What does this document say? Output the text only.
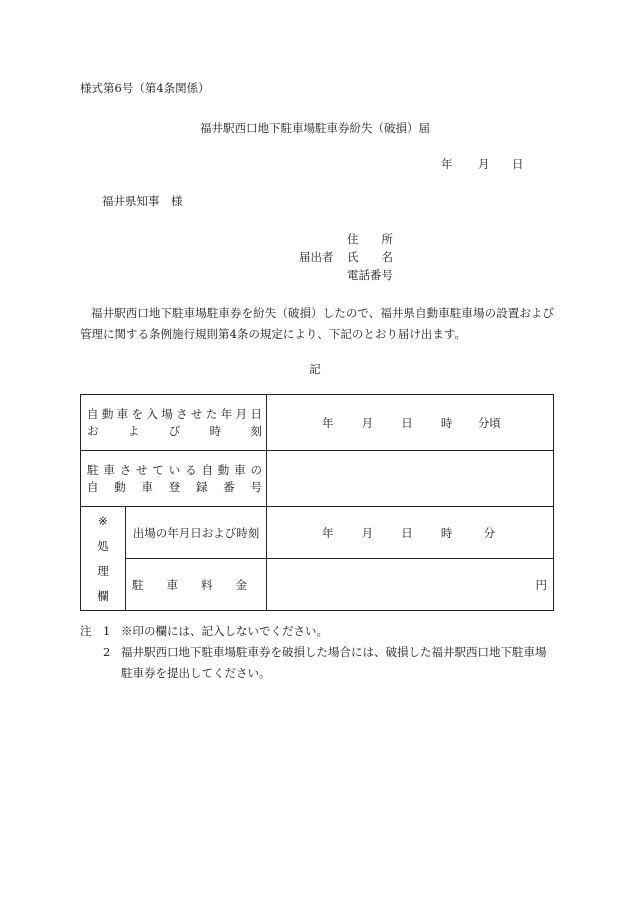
様式第6号（第4条関係）
福井駅西口地下駐車場駐車券紛失（破損）届
年 月 日
福井県知事　様
住　　所
届出者 氏　　名
電話番号
福井駅西口地下駐車場駐車券を紛失（破損）したので、福井県自動車駐車場の設置および管理に関する条例施行規則第4条の規定により、下記のとおり届け出ます。
記
自動車を入場させた年月日
および時刻		年 月 日 時 分頃

駐車させている自動車の
自動車登録番号		

※
処
理
欄	出場の年月日および時刻	年 月 日 時 分
	駐　　車　　料　　金	円
注 1 ※印の欄には、記入しないでください。
2 福井駅西口地下駐車場駐車券を破損した場合には、破損した福井駅西口地下駐車場
駐車券を提出してください。
